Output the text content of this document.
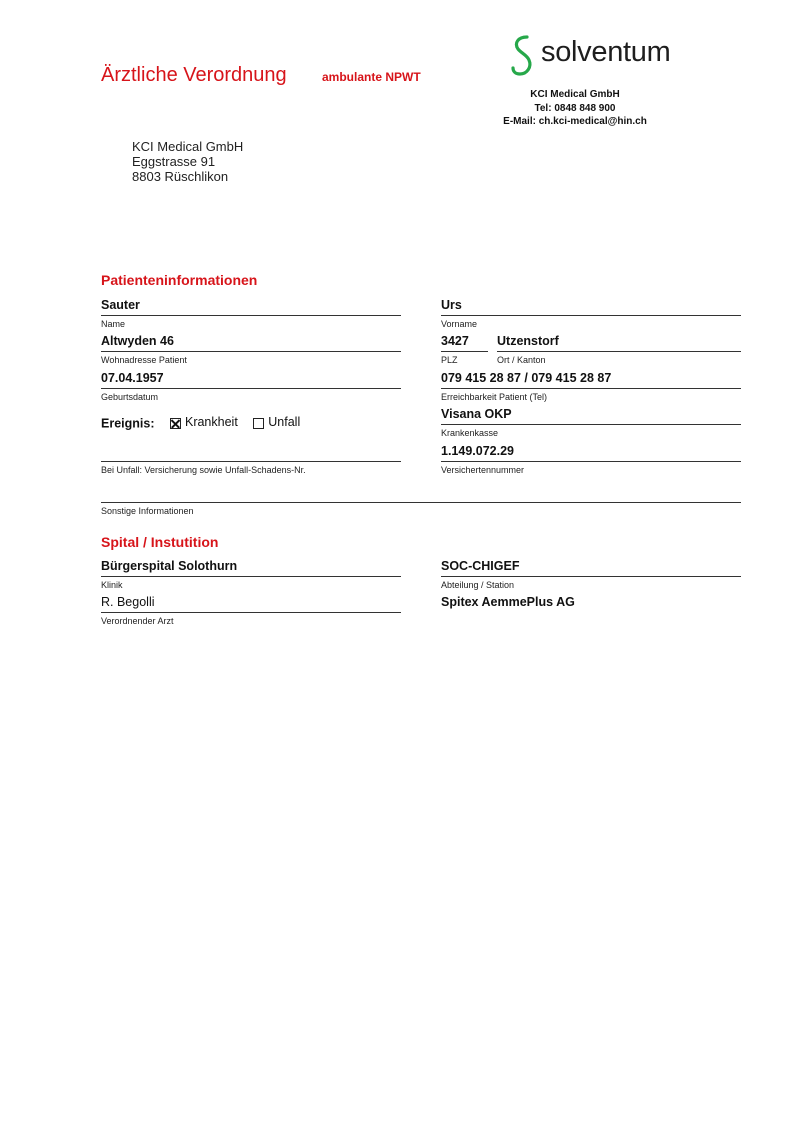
Ärztliche Verordnung	ambulante NPWT
solventum
KCI Medical GmbH
Tel: 0848 848 900
E-Mail: ch.kci-medical@hin.ch
KCI Medical GmbH
Eggstrasse 91
8803 Rüschlikon
Patienteninformationen
Sauter
Name
Urs
Vorname
Altwyden 46
Wohnadresse Patient
3427
PLZ
Utzenstorf
Ort / Kanton
07.04.1957
Geburtsdatum
079 415 28 87 / 079 415 28 87
Erreichbarkeit Patient (Tel)
Ereignis: Krankheit
Unfall
Visana OKP
Krankenkasse
Bei Unfall: Versicherung sowie Unfall-Schadens-Nr.
1.149.072.29
Versichertennummer
Sonstige Informationen
Spital / Instutition
Bürgerspital Solothurn
Klinik
SOC-CHIGEF
Abteilung / Station
R. Begolli
Verordnender Arzt
Spitex AemmePlus AG
